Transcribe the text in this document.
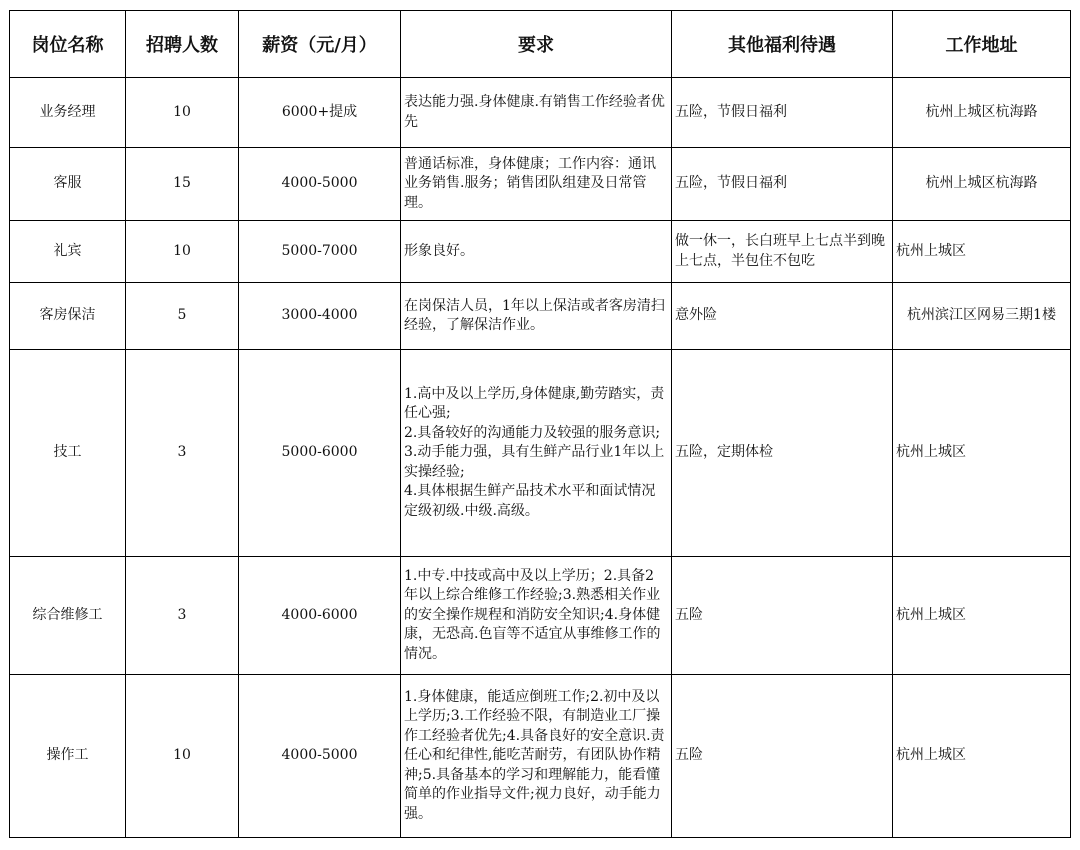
岗位名称	招聘人数	薪资（元/月）	要求	其他福利待遇	工作地址
业务经理	10	6000+提成	表达能力强.身体健康.有销售工作经验者优先	五险，节假日福利	杭州上城区杭海路
客服	15	4000-5000	普通话标准，身体健康；工作内容：通讯业务销售.服务；销售团队组建及日常管理。	五险，节假日福利	杭州上城区杭海路
礼宾	10	5000-7000	形象良好。	做一休一，长白班早上七点半到晚上七点，半包住不包吃	杭州上城区
客房保洁	5	3000-4000	在岗保洁人员，1年以上保洁或者客房清扫经验，了解保洁作业。	意外险	杭州滨江区网易三期1楼
技工	3	5000-6000	1.高中及以上学历,身体健康,勤劳踏实，责任心强;
2.具备较好的沟通能力及较强的服务意识;
3.动手能力强，具有生鲜产品行业1年以上实操经验;
4.具体根据生鲜产品技术水平和面试情况定级初级.中级.高级。	五险，定期体检	杭州上城区
综合维修工	3	4000-6000	1.中专.中技或高中及以上学历；2.具备2年以上综合维修工作经验;3.熟悉相关作业的安全操作规程和消防安全知识;4.身体健康，无恐高.色盲等不适宜从事维修工作的情况。	五险	杭州上城区
操作工	10	4000-5000	1.身体健康，能适应倒班工作;2.初中及以上学历;3.工作经验不限，有制造业工厂操作工经验者优先;4.具备良好的安全意识.责任心和纪律性,能吃苦耐劳，有团队协作精神;5.具备基本的学习和理解能力，能看懂简单的作业指导文件;视力良好，动手能力强。	五险	杭州上城区
